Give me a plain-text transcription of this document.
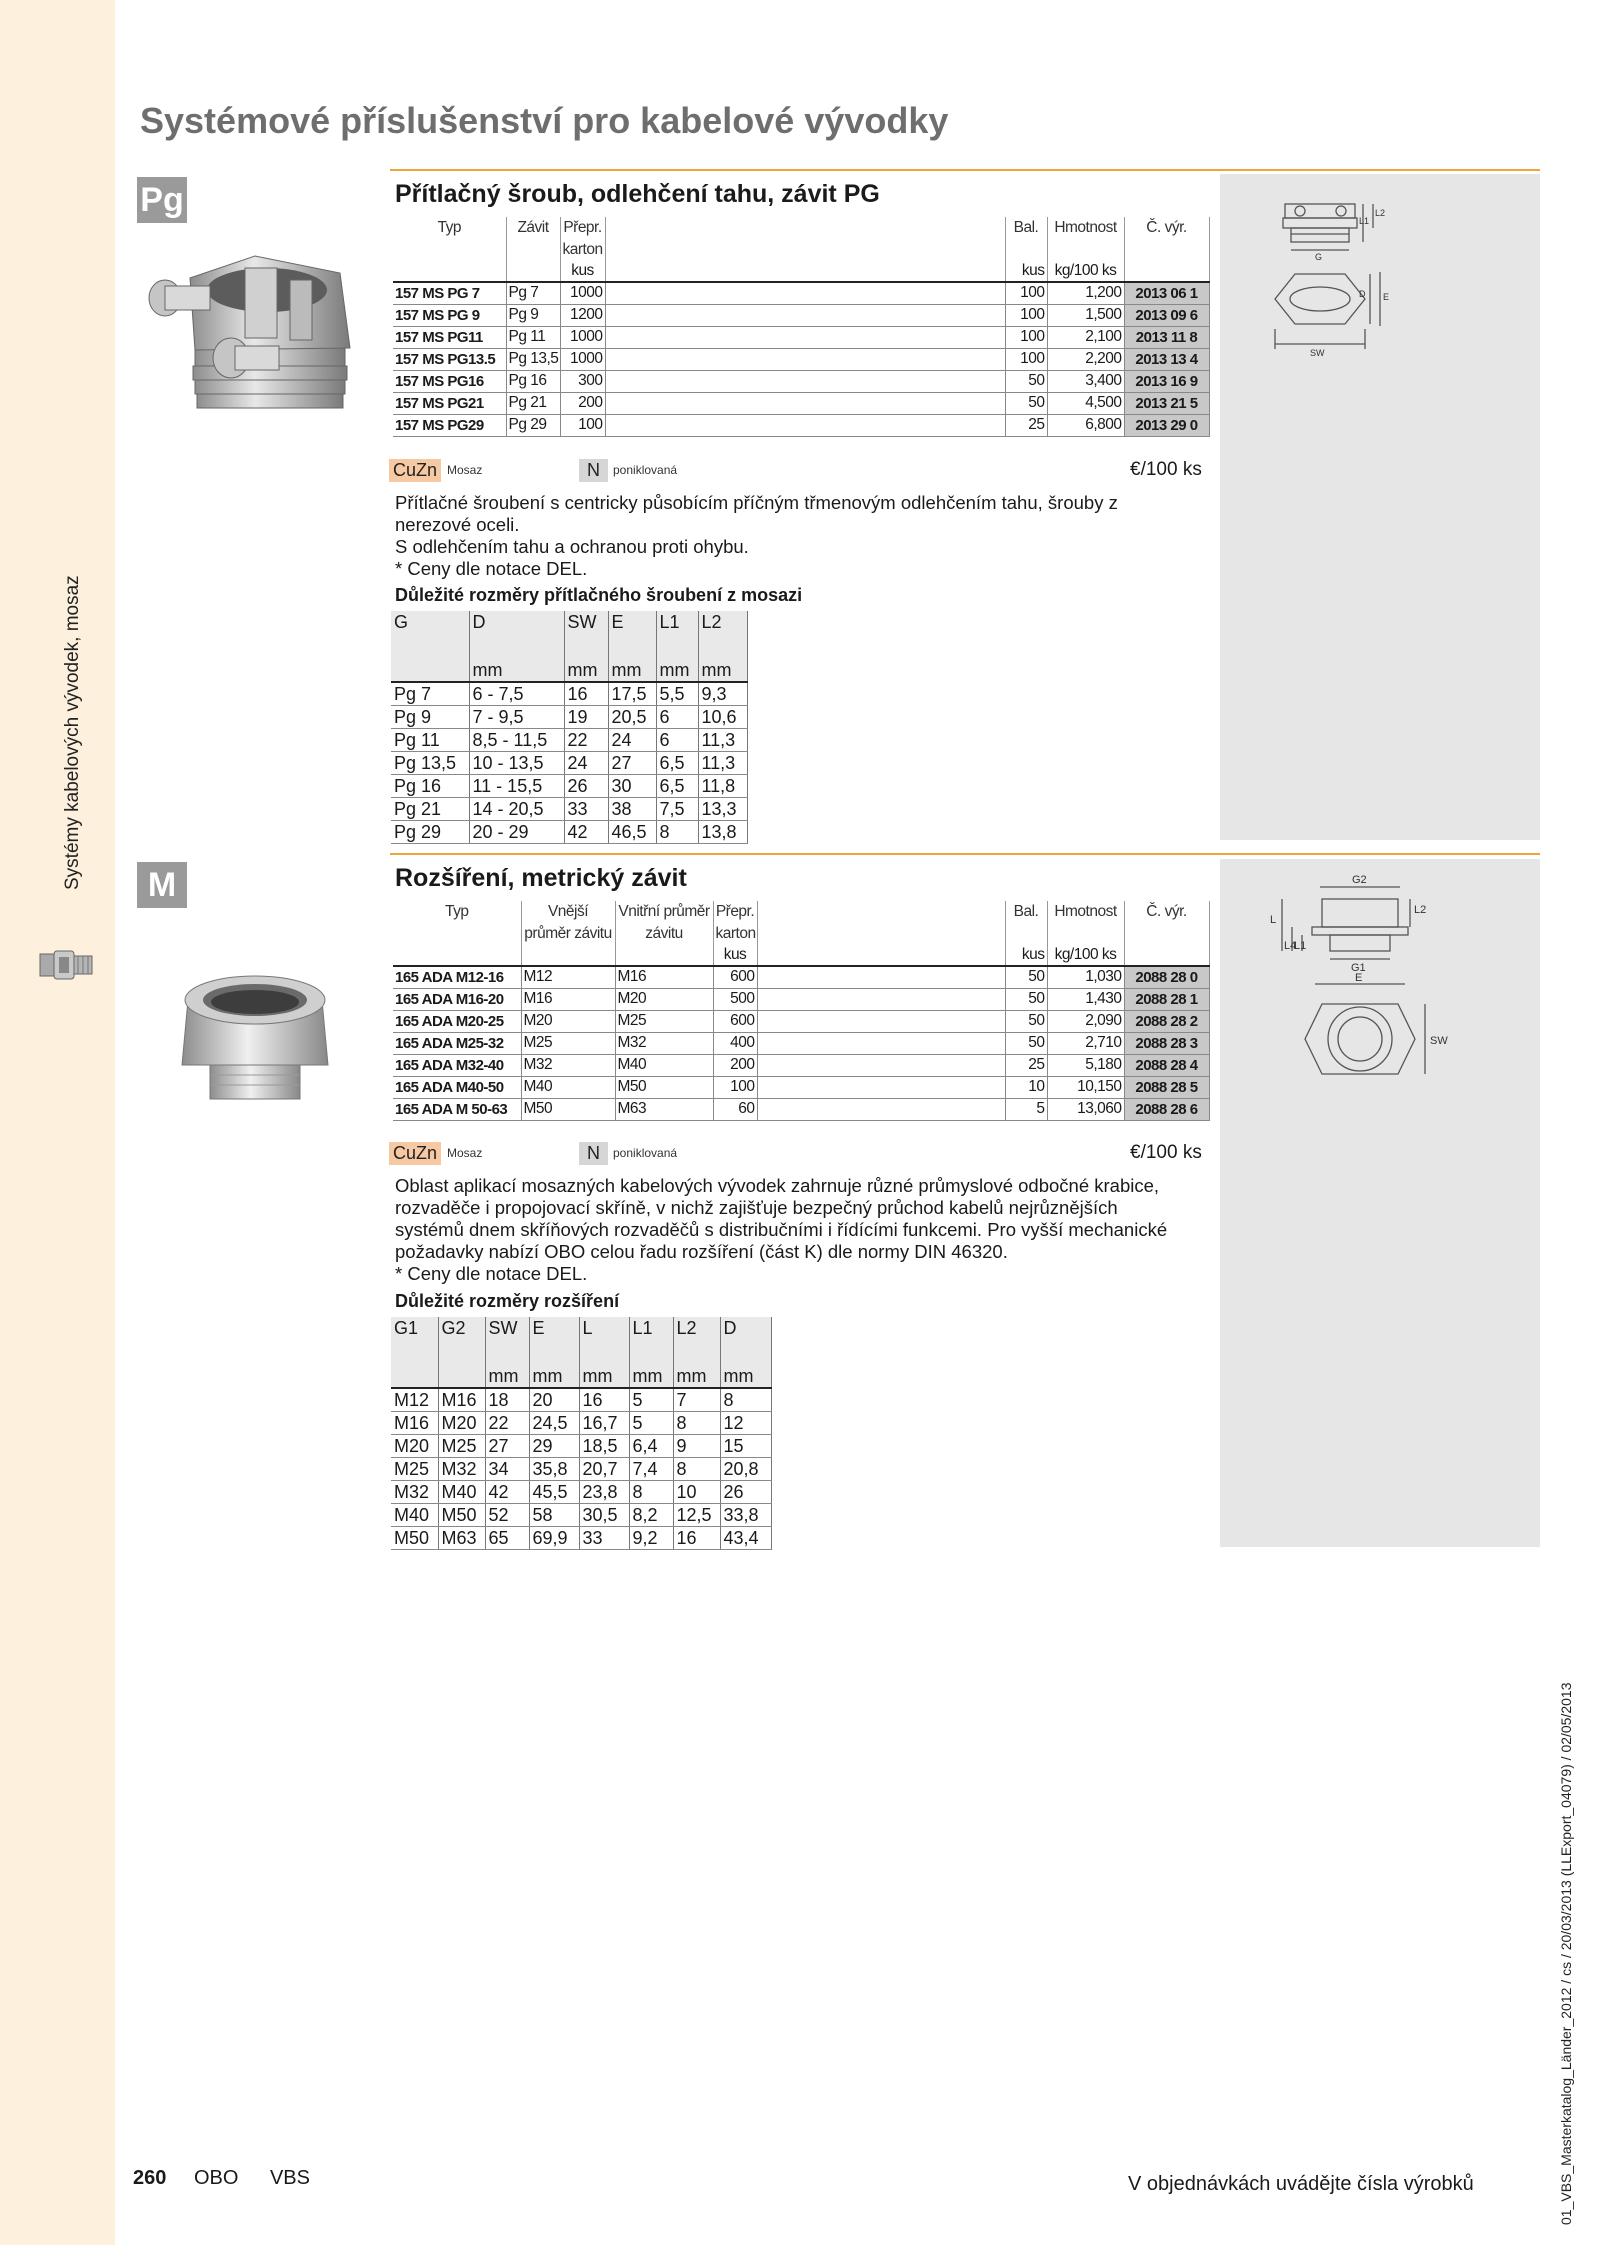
Systémy kabelových vývodek, mosaz
Systémové příslušenství pro kabelové vývodky
Pg	Přítlačný šroub, odlehčení tahu, závit PG
Typ	Závit	Přepr. karton		Bal.	Hmotnost	Č. výr.
		kus		kus	kg/100 ks	
157 MS PG 7	Pg 7	1000		100	1,200	2013 06 1
157 MS PG 9	Pg 9	1200		100	1,500	2013 09 6
157 MS PG11	Pg 11	1000		100	2,100	2013 11 8
157 MS PG13.5	Pg 13,5	1000		100	2,200	2013 13 4
157 MS PG16	Pg 16	300		50	3,400	2013 16 9
157 MS PG21	Pg 21	200		50	4,500	2013 21 5
157 MS PG29	Pg 29	100		25	6,800	2013 29 0
CuZn Mosaz	N	poniklovaná	€/100 ks
Přítlačné šroubení s centricky působícím příčným třmenovým odlehčením tahu, šrouby z
nerezové oceli.
S odlehčením tahu a ochranou proti ohybu.
* Ceny dle notace DEL.
Důležité rozměry přítlačného šroubení z mosazi
G	D	SW	E	L1	L2
	mm	mm	mm	mm	mm
Pg 7	6 - 7,5	16	17,5	5,5	9,3
Pg 9	7 - 9,5	19	20,5	6	10,6
Pg 11	8,5 - 11,5	22	24	6	11,3
Pg 13,5	10 - 13,5	24	27	6,5	11,3
Pg 16	11 - 15,5	26	30	6,5	11,8
Pg 21	14 - 20,5	33	38	7,5	13,3
Pg 29	20 - 29	42	46,5	8	13,8
G
D E
SW
L1
L2
M	Rozšíření, metrický závit
Typ	Vnější průměr závitu	Vnitřní průměr závitu	Přepr. karton		Bal.	Hmotnost	Č. výr.
			kus		kus	kg/100 ks	
165 ADA M12-16	M12	M16	600		50	1,030	2088 28 0
165 ADA M16-20	M16	M20	500		50	1,430	2088 28 1
165 ADA M20-25	M20	M25	600		50	2,090	2088 28 2
165 ADA M25-32	M25	M32	400		50	2,710	2088 28 3
165 ADA M32-40	M32	M40	200		25	5,180	2088 28 4
165 ADA M40-50	M40	M50	100		10	10,150	2088 28 5
165 ADA M 50-63	M50	M63	60		5	13,060	2088 28 6
CuZn Mosaz	N	poniklovaná	€/100 ks
Oblast aplikací mosazných kabelových vývodek zahrnuje různé průmyslové odbočné krabice,
rozvaděče i propojovací skříně, v nichž zajišťuje bezpečný průchod kabelů nejrůznějších
systémů dnem skříňových rozvaděčů s distribučními i řídícími funkcemi. Pro vyšší mechanické
požadavky nabízí OBO celou řadu rozšíření (část K) dle normy DIN 46320.
* Ceny dle notace DEL.
Důležité rozměry rozšíření
G1	G2	SW	E	L	L1	L2	D
		mm	mm	mm	mm	mm	mm
M12	M16	18	20	16	5	7	8
M16	M20	22	24,5	16,7	5	8	12
M20	M25	27	29	18,5	6,4	9	15
M25	M32	34	35,8	20,7	7,4	8	20,8
M32	M40	42	45,5	23,8	8	10	26
M40	M50	52	58	30,5	8,2	12,5	33,8
M50	M63	65	69,9	33	9,2	16	43,4
G2
G1
E
SW
L
L4
L1
L2
01_VBS_Masterkatalog_Länder_2012 / cs / 20/03/2013 (LLExport_04079) / 02/05/2013
260 OBO VBS	V objednávkách uvádějte čísla výrobků
